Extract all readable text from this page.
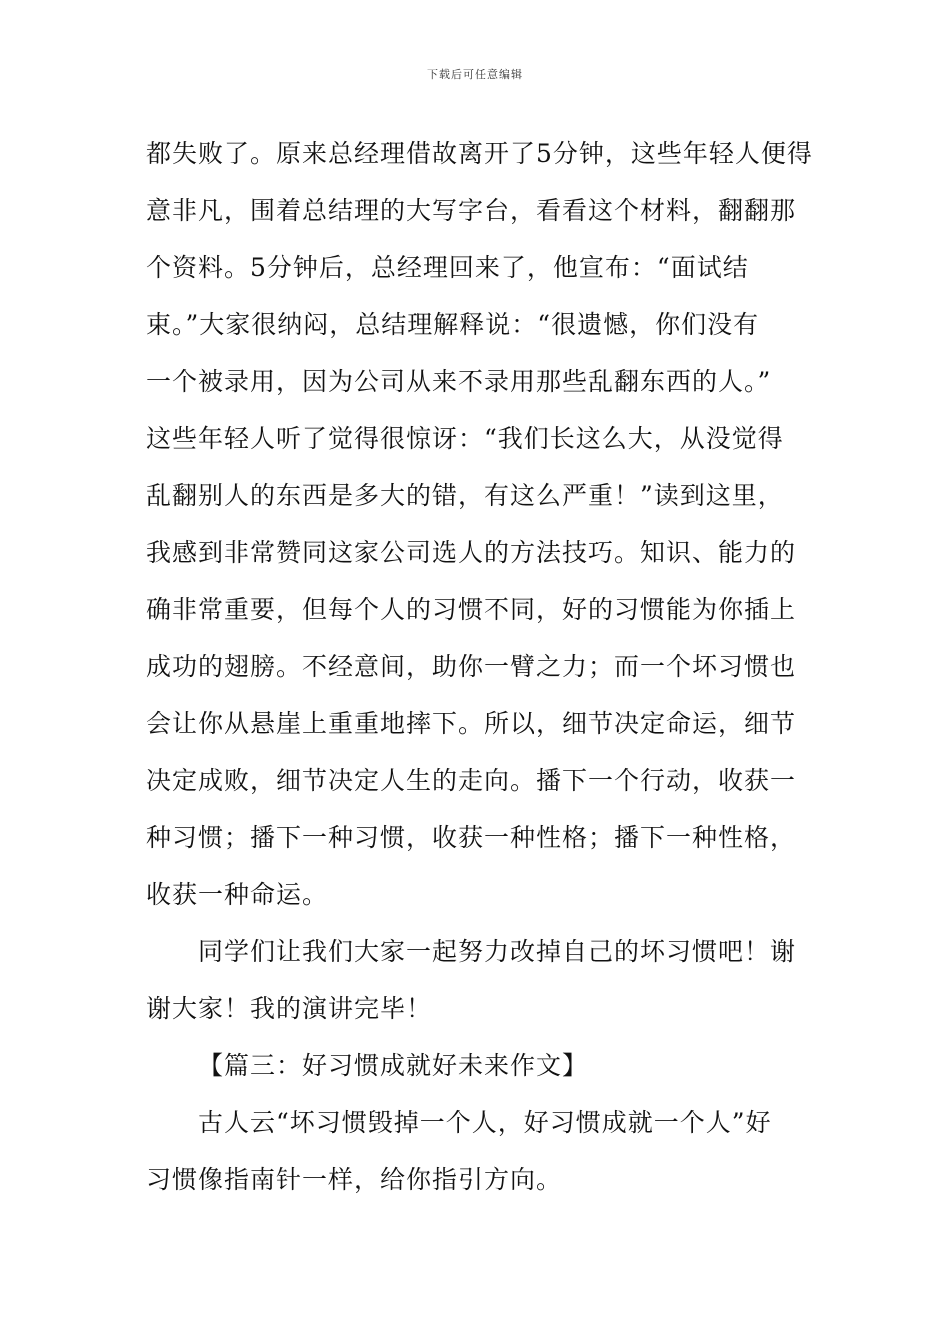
下载后可任意编辑
都失败了。原来总经理借故离开了5分钟，这些年轻人便得
意非凡，围着总结理的大写字台，看看这个材料，翻翻那
个资料。5分钟后，总经理回来了，他宣布：“面试结
束。”大家很纳闷，总结理解释说：“很遗憾，你们没有
一个被录用，因为公司从来不录用那些乱翻东西的人。”
这些年轻人听了觉得很惊讶：“我们长这么大，从没觉得
乱翻别人的东西是多大的错，有这么严重！”读到这里，
我感到非常赞同这家公司选人的方法技巧。知识、能力的
确非常重要，但每个人的习惯不同，好的习惯能为你插上
成功的翅膀。不经意间，助你一臂之力；而一个坏习惯也
会让你从悬崖上重重地摔下。所以，细节决定命运，细节
决定成败，细节决定人生的走向。播下一个行动，收获一
种习惯；播下一种习惯，收获一种性格；播下一种性格，
收获一种命运。
同学们让我们大家一起努力改掉自己的坏习惯吧！谢
谢大家！我的演讲完毕！
【篇三：好习惯成就好未来作文】
古人云“坏习惯毁掉一个人，好习惯成就一个人”好
习惯像指南针一样，给你指引方向。
